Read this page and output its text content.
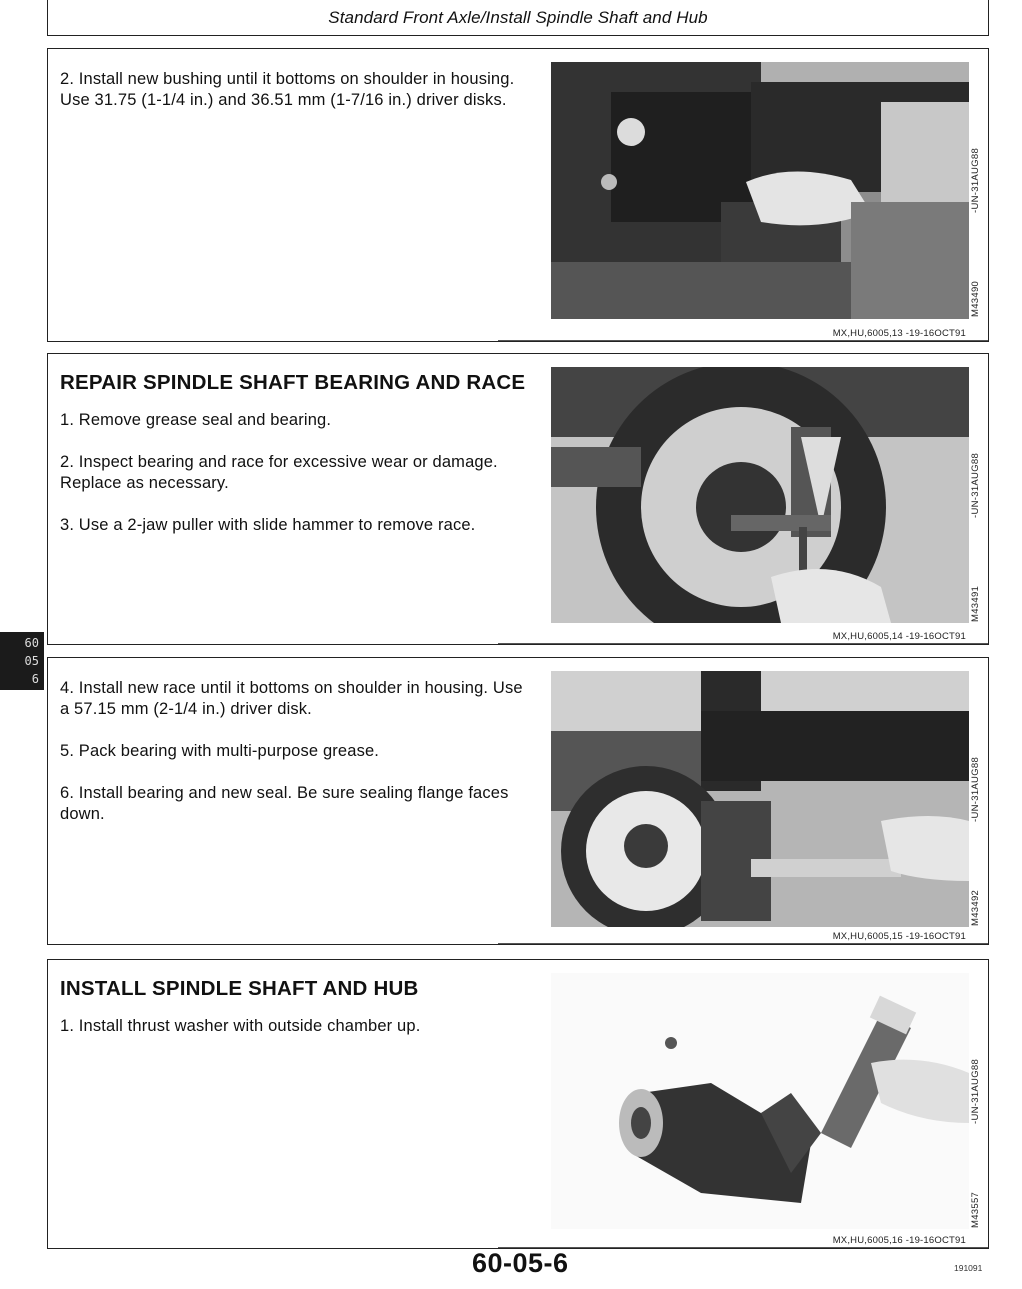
Standard Front Axle/Install Spindle Shaft and Hub
60
05
6

2. Install new bushing until it bottoms on shoulder in housing. Use 31.75 (1-1/4 in.) and 36.51 mm (1-7/16 in.) driver disks.

M43490
-UN-31AUG88
MX,HU,6005,13 -19-16OCT91

REPAIR SPINDLE SHAFT BEARING AND RACE

1. Remove grease seal and bearing.

2. Inspect bearing and race for excessive wear or damage. Replace as necessary.

3. Use a 2-jaw puller with slide hammer to remove race.

M43491
-UN-31AUG88
MX,HU,6005,14 -19-16OCT91

4. Install new race until it bottoms on shoulder in housing. Use a 57.15 mm (2-1/4 in.) driver disk.

5. Pack bearing with multi-purpose grease.

6. Install bearing and new seal. Be sure sealing flange faces down.

M43492
-UN-31AUG88
MX,HU,6005,15 -19-16OCT91

INSTALL SPINDLE SHAFT AND HUB

1. Install thrust washer with outside chamber up.

M43557
-UN-31AUG88
MX,HU,6005,16 -19-16OCT91
60-05-6	191091
